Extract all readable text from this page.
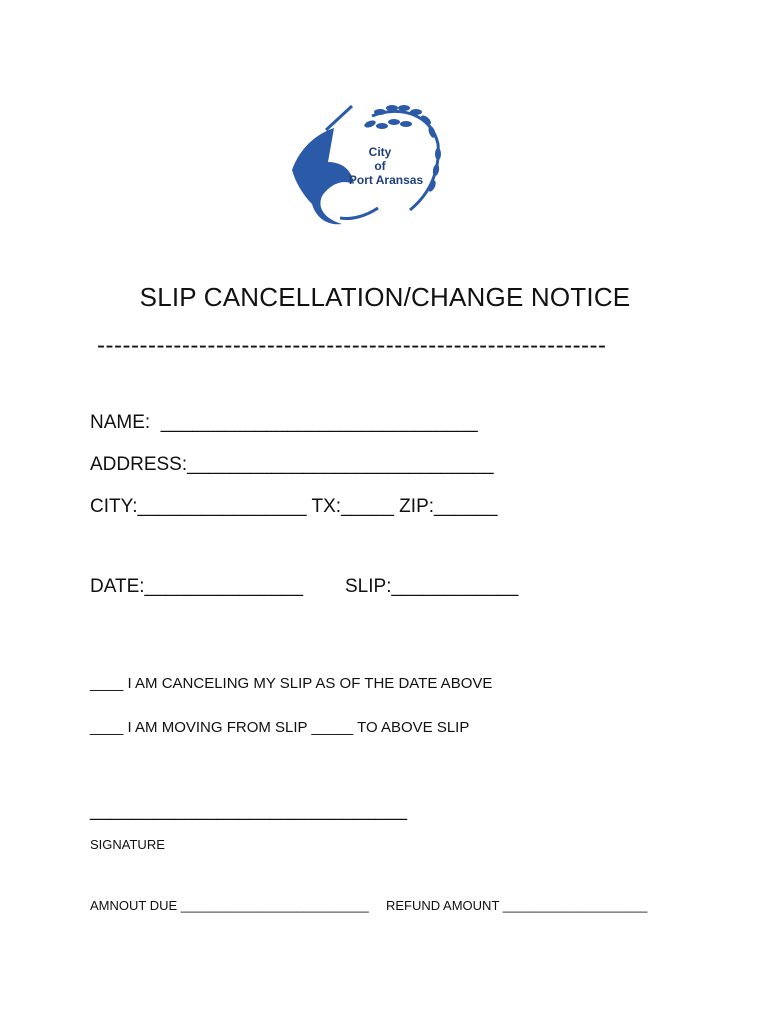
City
of
Port Aransas
SLIP CANCELLATION/CHANGE NOTICE
------------------------------------------------------------
NAME:  ______________________________
ADDRESS:_____________________________
CITY:________________ TX:_____ ZIP:______
DATE:_______________ SLIP:____________
____ I AM CANCELING MY SLIP AS OF THE DATE ABOVE
____ I AM MOVING FROM SLIP _____ TO ABOVE SLIP
______________________________
SIGNATURE
AMNOUT DUE __________________________ REFUND AMOUNT ____________________
